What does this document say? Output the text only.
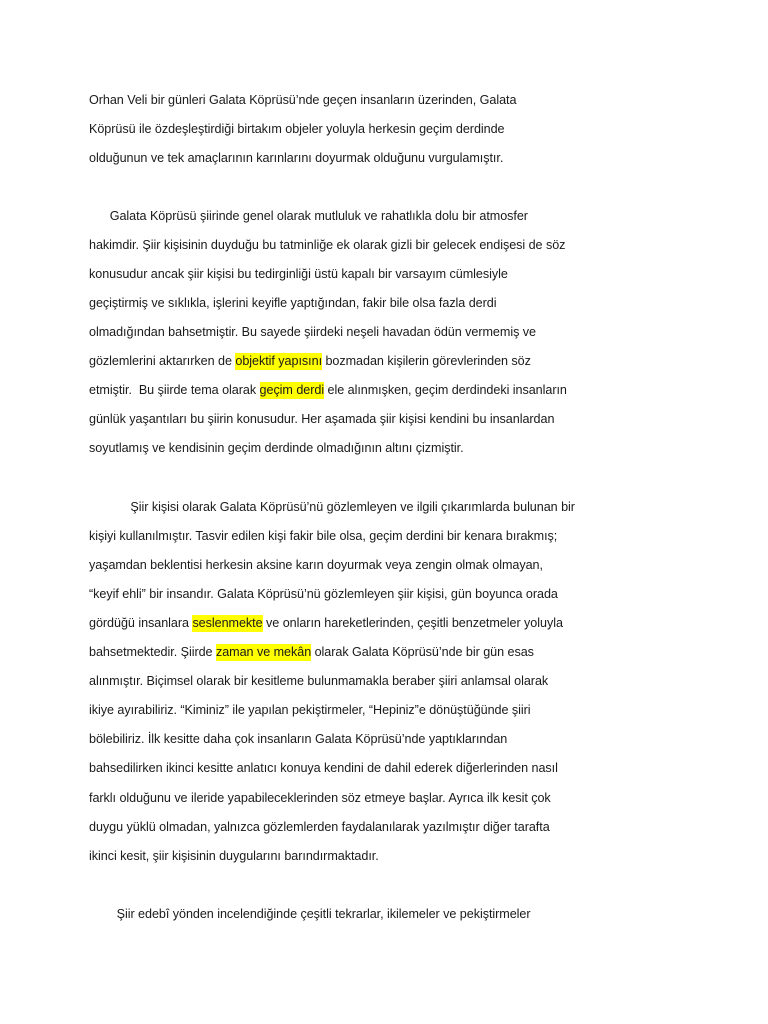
Orhan Veli bir günleri Galata Köprüsü’nde geçen insanların üzerinden, Galata
Köprüsü ile özdeşleştirdiği birtakım objeler yoluyla herkesin geçim derdinde
olduğunun ve tek amaçlarının karınlarını doyurmak olduğunu vurgulamıştır.
Galata Köprüsü şiirinde genel olarak mutluluk ve rahatlıkla dolu bir atmosfer
hakimdir. Şiir kişisinin duyduğu bu tatminliğe ek olarak gizli bir gelecek endişesi de söz
konusudur ancak şiir kişisi bu tedirginliği üstü kapalı bir varsayım cümlesiyle
geçiştirmiş ve sıklıkla, işlerini keyifle yaptığından, fakir bile olsa fazla derdi
olmadığından bahsetmiştir. Bu sayede şiirdeki neşeli havadan ödün vermemiş ve
gözlemlerini aktarırken de objektif yapısını bozmadan kişilerin görevlerinden söz
etmiştir.  Bu şiirde tema olarak geçim derdi ele alınmışken, geçim derdindeki insanların
günlük yaşantıları bu şiirin konusudur. Her aşamada şiir kişisi kendini bu insanlardan
soyutlamış ve kendisinin geçim derdinde olmadığının altını çizmiştir.
Şiir kişisi olarak Galata Köprüsü’nü gözlemleyen ve ilgili çıkarımlarda bulunan bir
kişiyi kullanılmıştır. Tasvir edilen kişi fakir bile olsa, geçim derdini bir kenara bırakmış;
yaşamdan beklentisi herkesin aksine karın doyurmak veya zengin olmak olmayan,
“keyif ehli” bir insandır. Galata Köprüsü’nü gözlemleyen şiir kişisi, gün boyunca orada
gördüğü insanlara seslenmekte ve onların hareketlerinden, çeşitli benzetmeler yoluyla
bahsetmektedir. Şiirde zaman ve mekân olarak Galata Köprüsü’nde bir gün esas
alınmıştır. Biçimsel olarak bir kesitleme bulunmamakla beraber şiiri anlamsal olarak
ikiye ayırabiliriz. “Kiminiz” ile yapılan pekiştirmeler, “Hepiniz”e dönüştüğünde şiiri
bölebiliriz. İlk kesitte daha çok insanların Galata Köprüsü’nde yaptıklarından
bahsedilirken ikinci kesitte anlatıcı konuya kendini de dahil ederek diğerlerinden nasıl
farklı olduğunu ve ileride yapabileceklerinden söz etmeye başlar. Ayrıca ilk kesit çok
duygu yüklü olmadan, yalnızca gözlemlerden faydalanılarak yazılmıştır diğer tarafta
ikinci kesit, şiir kişisinin duygularını barındırmaktadır.
Şiir edebî yönden incelendiğinde çeşitli tekrarlar, ikilemeler ve pekiştirmeler
